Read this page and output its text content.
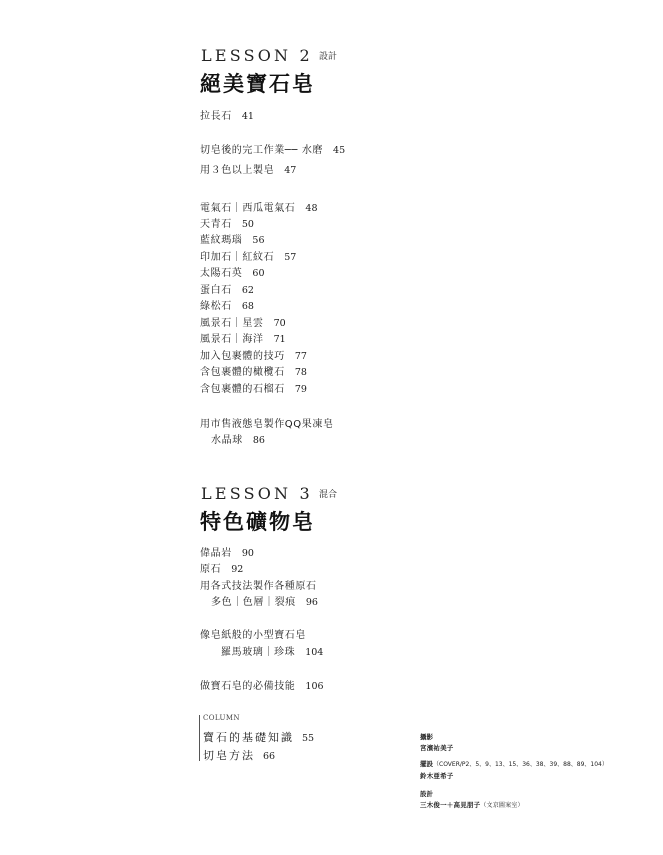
LESSON 2 設計
絕美寶石皂
拉長石 41
切皂後的完工作業── 水磨 45
用３色以上製皂 47
電氣石｜西瓜電氣石 48
天青石 50
藍紋瑪瑙 56
印加石｜紅紋石 57
太陽石英 60
蛋白石 62
綠松石 68
風景石｜星雲 70
風景石｜海洋 71
加入包裹體的技巧 77
含包裹體的橄欖石 78
含包裹體的石榴石 79
用市售液態皂製作QQ果凍皂
水晶球 86
LESSON 3 混合
特色礦物皂
偉晶岩 90
原石 92
用各式技法製作各種原石
多色｜色層｜裂痕 96
像皂紙般的小型寶石皂
羅馬玻璃｜珍珠 104
做寶石皂的必備技能 106
COLUMN
寶石的基礎知識 55
切皂方法 66
攝影
宮濱祐美子
擺設（COVER/P2、5、9、13、15、36、38、39、88、89、104）
鈴木亜希子
設計
三木俊一＋高見朋子（文京圖案室）
